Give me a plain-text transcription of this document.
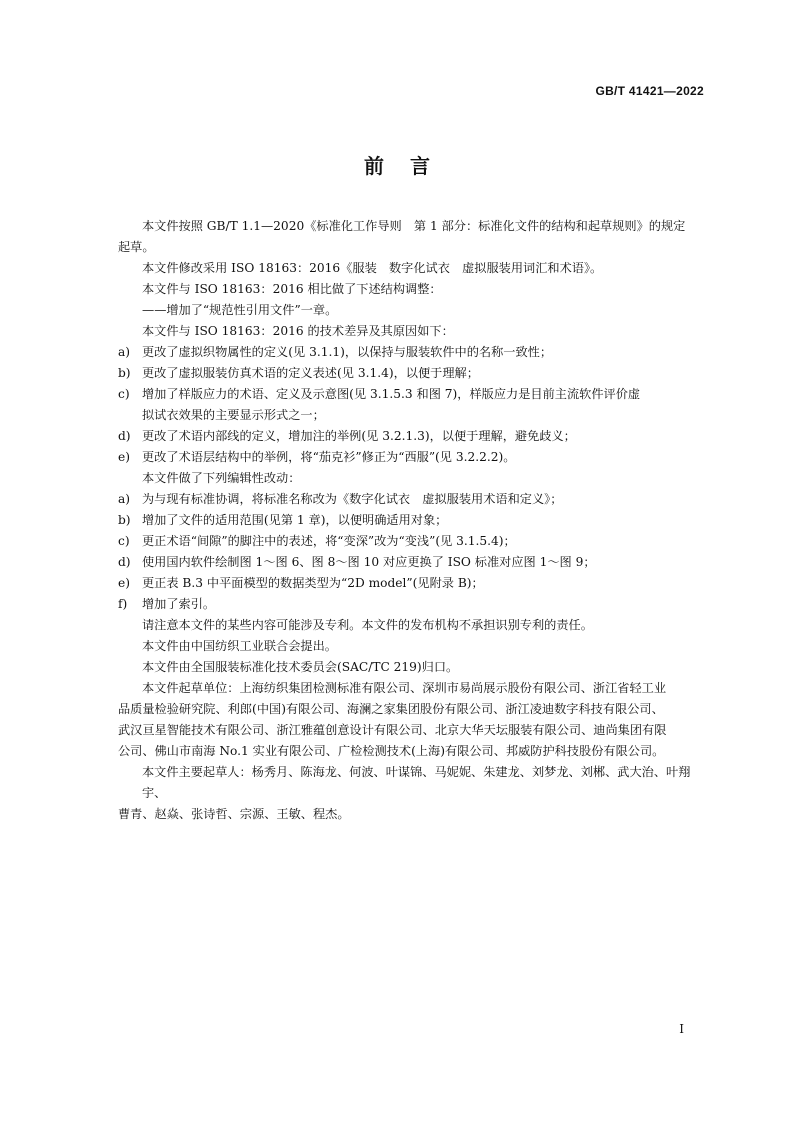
GB/T 41421—2022
前言

本文件按照 GB/T 1.1—2020《标准化工作导则　第 1 部分：标准化文件的结构和起草规则》的规定
起草。

本文件修改采用 ISO 18163：2016《服装　数字化试衣　虚拟服装用词汇和术语》。

本文件与 ISO 18163：2016 相比做了下述结构调整：

——增加了“规范性引用文件”一章。

本文件与 ISO 18163：2016 的技术差异及其原因如下：

a) 更改了虚拟织物属性的定义(见 3.1.1)，以保持与服装软件中的名称一致性；
b) 更改了虚拟服装仿真术语的定义表述(见 3.1.4)，以便于理解；
c)	增加了样版应力的术语、定义及示意图(见 3.1.5.3 和图 7)，样版应力是目前主流软件评价虚
拟试衣效果的主要显示形式之一；
d) 更改了术语内部线的定义，增加注的举例(见 3.2.1.3)，以便于理解，避免歧义；
e) 更改了术语层结构中的举例，将“茄克衫”修正为“西服”(见 3.2.2.2)。

本文件做了下列编辑性改动：

a) 为与现有标准协调，将标准名称改为《数字化试衣　虚拟服装用术语和定义》；
b) 增加了文件的适用范围(见第 1 章)，以便明确适用对象；
c)	更正术语“间隙”的脚注中的表述，将“变深”改为“变浅”(见 3.1.5.4)；
d) 使用国内软件绘制图 1～图 6、图 8～图 10 对应更换了 ISO 标准对应图 1～图 9；
e) 更正表 B.3 中平面模型的数据类型为“2D model”(见附录 B)；
f)	增加了索引。

请注意本文件的某些内容可能涉及专利。本文件的发布机构不承担识别专利的责任。

本文件由中国纺织工业联合会提出。

本文件由全国服装标准化技术委员会(SAC/TC 219)归口。

本文件起草单位：上海纺织集团检测标准有限公司、深圳市易尚展示股份有限公司、浙江省轻工业
品质量检验研究院、利郎(中国)有限公司、海澜之家集团股份有限公司、浙江凌迪数字科技有限公司、
武汉亘星智能技术有限公司、浙江雅蕴创意设计有限公司、北京大华天坛服装有限公司、迪尚集团有限
公司、佛山市南海 No.1 实业有限公司、广检检测技术(上海)有限公司、邦威防护科技股份有限公司。

本文件主要起草人：杨秀月、陈海龙、何波、叶谋锦、马妮妮、朱建龙、刘梦龙、刘郴、武大治、叶翔宇、
曹青、赵焱、张诗哲、宗源、王敏、程杰。

I
